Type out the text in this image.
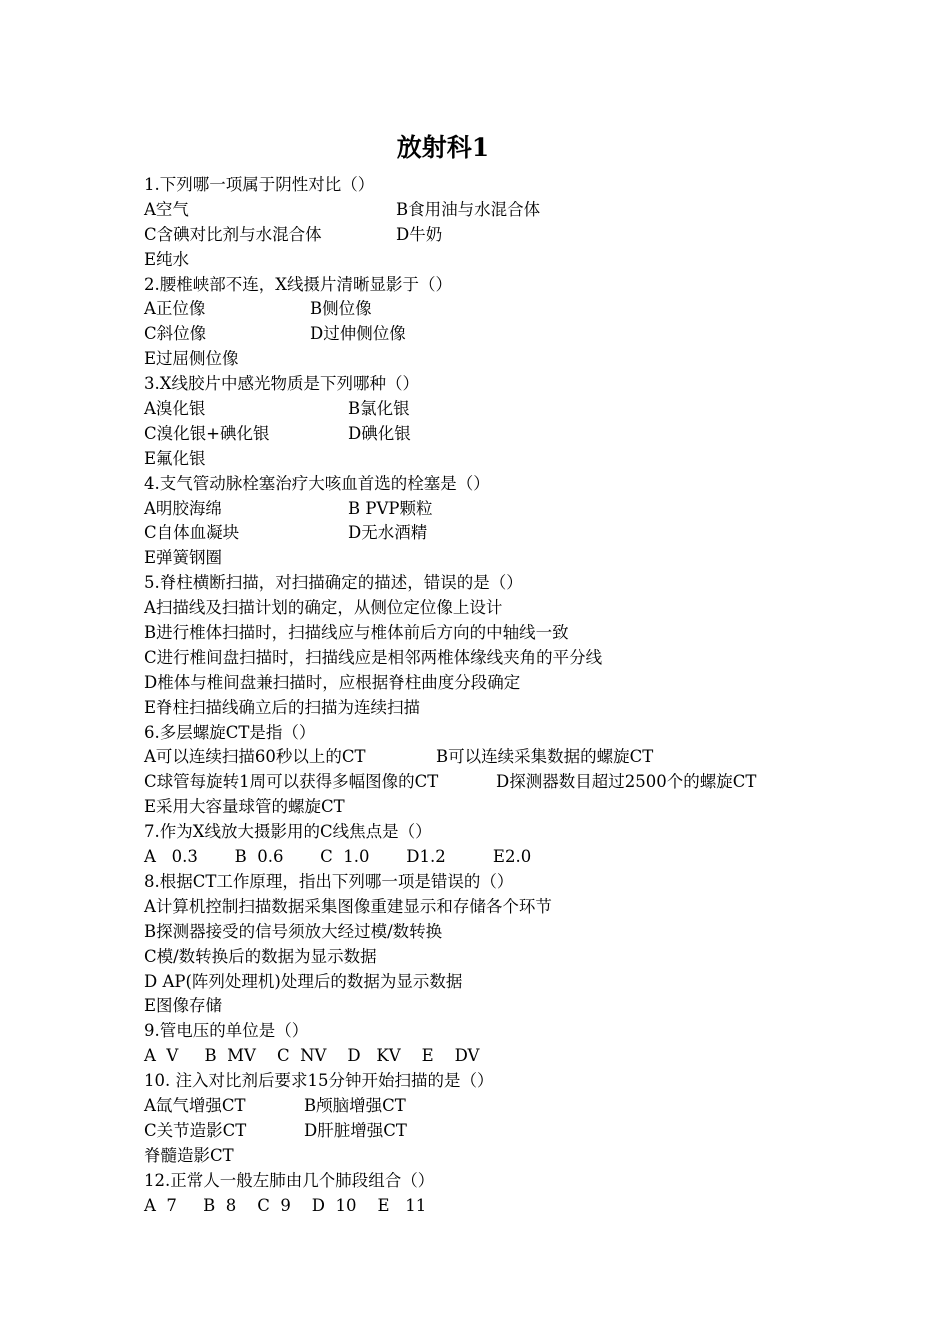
放射科1
1.下列哪一项属于阴性对比（）
A空气	B食用油与水混合体
C含碘对比剂与水混合体	D牛奶
E纯水
2.腰椎峡部不连，X线摄片清晰显影于（）
A正位像	B侧位像
C斜位像	D过伸侧位像
E过屈侧位像
3.X线胶片中感光物质是下列哪种（）
A溴化银	B氯化银
C溴化银+碘化银	D碘化银
E氟化银
4.支气管动脉栓塞治疗大咳血首选的栓塞是（）
A明胶海绵	B PVP颗粒
C自体血凝块	D无水酒精
E弹簧钢圈
5.脊柱横断扫描，对扫描确定的描述，错误的是（）
A扫描线及扫描计划的确定，从侧位定位像上设计
B进行椎体扫描时，扫描线应与椎体前后方向的中轴线一致
C进行椎间盘扫描时，扫描线应是相邻两椎体缘线夹角的平分线
D椎体与椎间盘兼扫描时，应根据脊柱曲度分段确定
E脊柱扫描线确立后的扫描为连续扫描
6.多层螺旋CT是指（）
A可以连续扫描60秒以上的CT	B可以连续采集数据的螺旋CT
C球管每旋转1周可以获得多幅图像的CT	D探测器数目超过2500个的螺旋CT
E采用大容量球管的螺旋CT
7.作为X线放大摄影用的C线焦点是（）
A   0.3       B  0.6       C  1.0       D1.2         E2.0
8.根据CT工作原理，指出下列哪一项是错误的（）
A计算机控制扫描数据采集图像重建显示和存储各个环节
B探测器接受的信号须放大经过模/数转换
C模/数转换后的数据为显示数据
D AP(阵列处理机)处理后的数据为显示数据
E图像存储
9.管电压的单位是（）
A  V     B  MV    C  NV    D   KV    E    DV
10. 注入对比剂后要求15分钟开始扫描的是（）
A氙气增强CT	B颅脑增强CT
C关节造影CT	D肝脏增强CT
脊髓造影CT
12.正常人一般左肺由几个肺段组合（）
A  7     B  8    C  9    D  10    E   11
